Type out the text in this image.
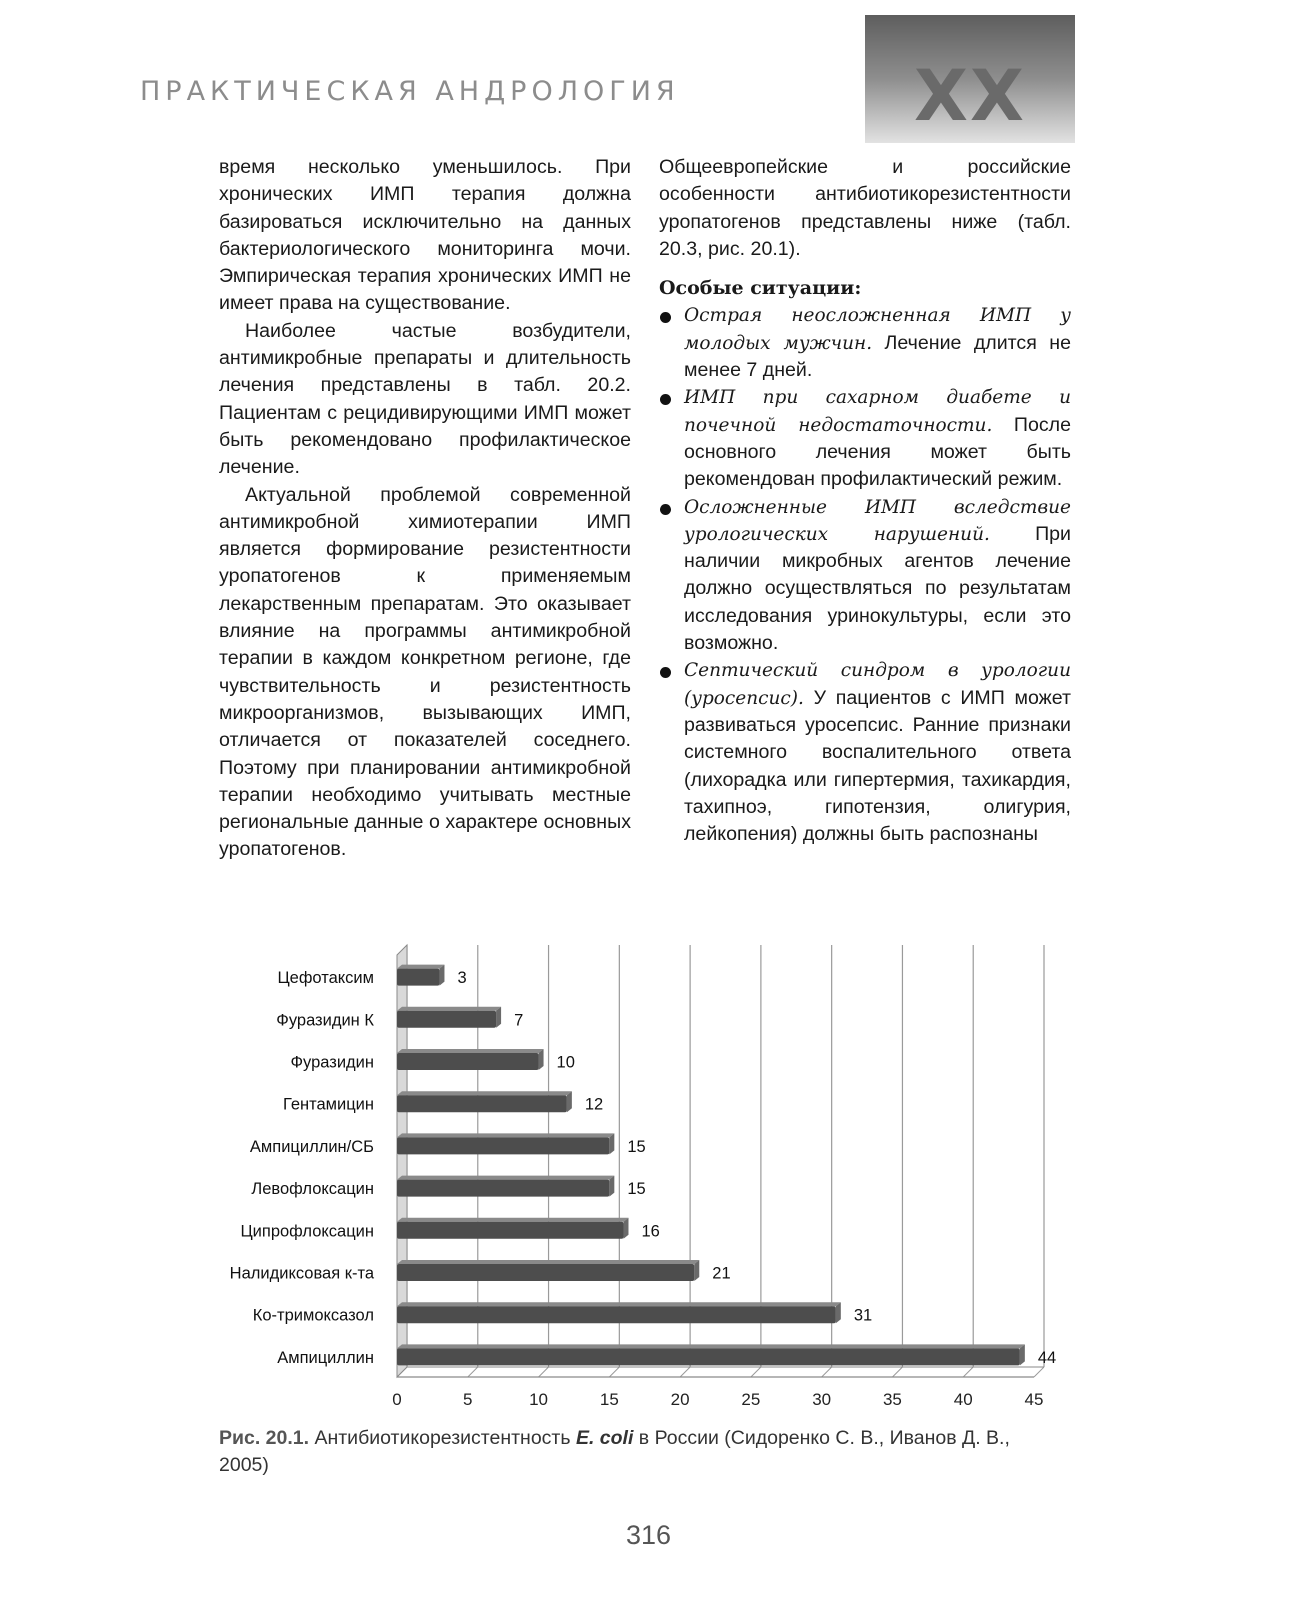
ПРАКТИЧЕСКАЯ АНДРОЛОГИЯ	XX

время несколько уменьшилось. При хронических ИМП терапия должна базироваться исключительно на данных бактериологического мониторинга мочи. Эмпирическая терапия хронических ИМП не имеет права на существование.

Наиболее частые возбудители, антимикробные препараты и длительность лечения представлены в табл. 20.2. Пациентам с рецидивирующими ИМП может быть рекомендовано профилактическое лечение.

Актуальной проблемой современной антимикробной химиотерапии ИМП является формирование резистентности уропатогенов к применяемым лекарственным препаратам. Это оказывает влияние на программы антимикробной терапии в каждом конкретном регионе, где чувствительность и резистентность микроорганизмов, вызывающих ИМП, отличается от показателей соседнего. Поэтому при планировании антимикробной терапии необходимо учитывать местные региональные данные о характере основных уропатогенов.

Общеевропейские и российские особенности антибиотикорезистентности уропатогенов представлены ниже (табл. 20.3, рис. 20.1).

Особые ситуации:

Острая неосложненная ИМП у молодых мужчин. Лечение длится не менее 7 дней.
ИМП при сахарном диабете и почечной недостаточности. После основного лечения может быть рекомендован профилактический режим.
Осложненные ИМП вследствие урологических нарушений. При наличии микробных агентов лечение должно осуществляться по результатам исследования уринокультуры, если это возможно.
Септический синдром в урологии (уросепсис). У пациентов с ИМП может развиваться уросепсис. Ранние признаки системного воспалительного ответа (лихорадка или гипертермия, тахикардия, тахипноэ, гипотензия, олигурия, лейкопения) должны быть распознаны
0	5	10	15	20	25	30	35	40	45
Цефотаксим	3
Фуразидин К	7
Фуразидин	10
Гентамицин	12
Ампициллин/СБ	15
Левофлоксацин	15
Ципрофлоксацин	16
Налидиксовая к-та	21
Ко-тримоксазол	31
Ампициллин	44
Рис. 20.1. Антибиотикорезистентность E. coli в России (Сидоренко С. В., Иванов Д. В., 2005)
316
